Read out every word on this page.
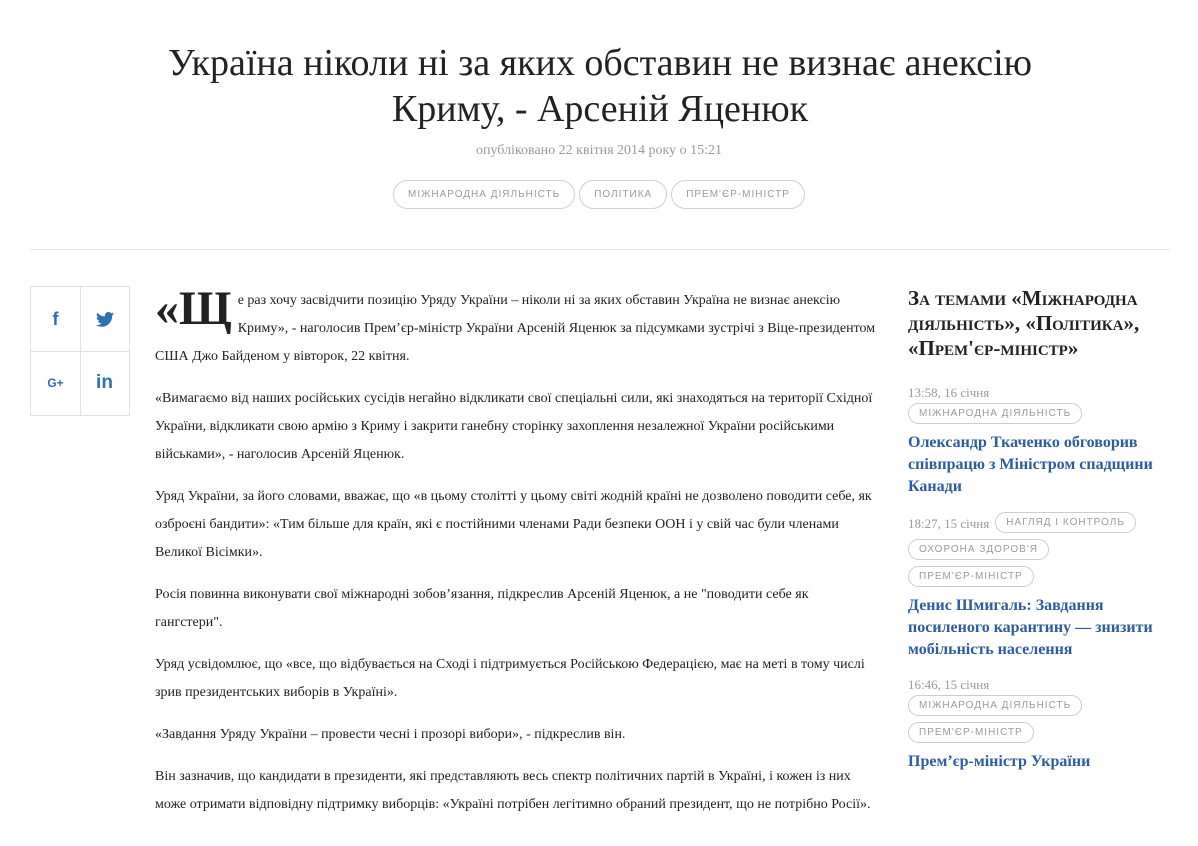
Україна ніколи ні за яких обставин не визнає анексію Криму, - Арсеній Яценюк
опубліковано 22 квітня 2014 року о 15:21
МІЖНАРОДНА ДІЯЛЬНІСТЬ	ПОЛІТИКА	ПРЕМ'ЄР-МІНІСТР
f
G+ in

«Ще раз хочу засвідчити позицію Уряду України – ніколи ні за яких обставин Україна не визнає анексію Криму», - наголосив Прем’єр-міністр України Арсеній Яценюк за підсумками зустрічі з Віце-президентом США Джо Байденом у вівторок, 22 квітня.

«Вимагаємо від наших російських сусідів негайно відкликати свої спеціальні сили, які знаходяться на території Східної України, відкликати свою армію з Криму і закрити ганебну сторінку захоплення незалежної України російськими військами», - наголосив Арсеній Яценюк.

Уряд України, за його словами, вважає, що «в цьому столітті у цьому світі жодній країні не дозволено поводити себе, як озброєні бандити»: «Тим більше для країн, які є постійними членами Ради безпеки ООН і у свій час були членами Великої Вісімки».

Росія повинна виконувати свої міжнародні зобов’язання, підкреслив Арсеній Яценюк, а не "поводити себе як гангстери".

Уряд усвідомлює, що «все, що відбувається на Сході і підтримується Російською Федерацією, має на меті в тому числі зрив президентських виборів в Україні».

«Завдання Уряду України – провести чесні і прозорі вибори», - підкреслив він.

Він зазначив, що кандидати в президенти, які представляють весь спектр політичних партій в Україні, і кожен із них може отримати відповідну підтримку виборців: «Україні потрібен легітимно обраний президент, що не потрібно Росії».

За темами «Міжнародна діяльність», «Політика», «Прем'єр-міністр»
13:58, 16 січня
МІЖНАРОДНА ДІЯЛЬНІСТЬ
Олександр Ткаченко обговорив співпрацю з Міністром спадщини Канади
18:27, 15 січня НАГЛЯД І КОНТРОЛЬ
ОХОРОНА ЗДОРОВ'Я
ПРЕМ'ЄР-МІНІСТР
Денис Шмигаль: Завдання посиленого карантину — знизити мобільність населення
16:46, 15 січня
МІЖНАРОДНА ДІЯЛЬНІСТЬ
ПРЕМ'ЄР-МІНІСТР
Прем’єр-міністр України
